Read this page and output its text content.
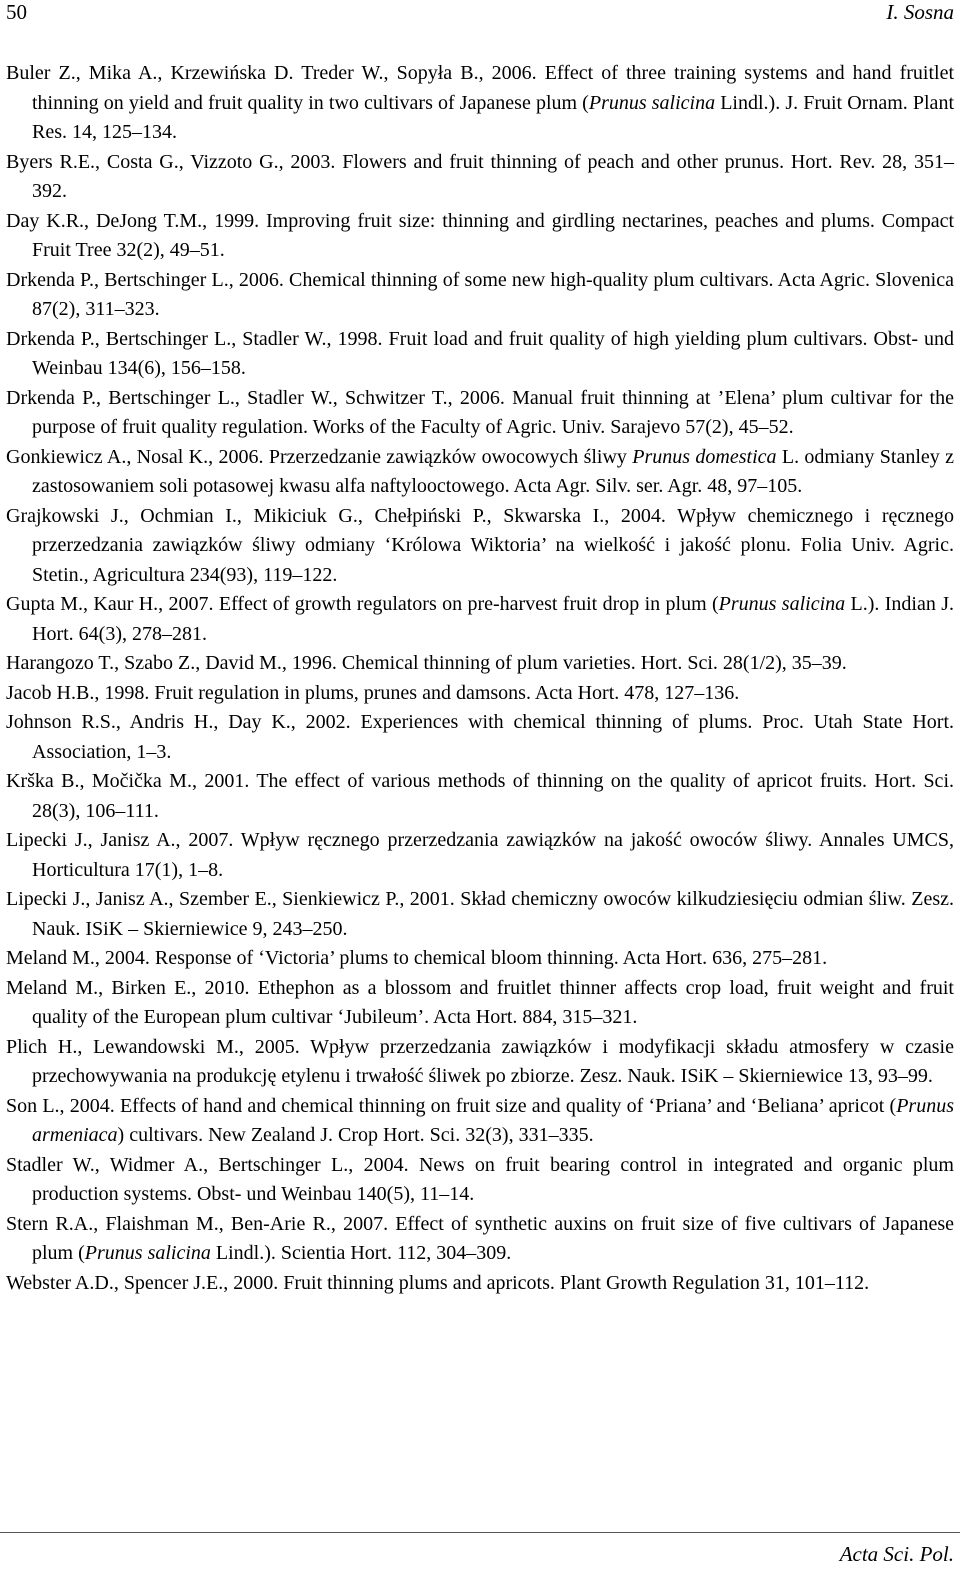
50	I. Sosna

Buler Z., Mika A., Krzewińska D. Treder W., Sopyła B., 2006. Effect of three training systems and hand fruitlet thinning on yield and fruit quality in two cultivars of Japanese plum (Prunus salicina Lindl.). J. Fruit Ornam. Plant Res. 14, 125–134.

Byers R.E., Costa G., Vizzoto G., 2003. Flowers and fruit thinning of peach and other prunus. Hort. Rev. 28, 351–392.

Day K.R., DeJong T.M., 1999. Improving fruit size: thinning and girdling nectarines, peaches and plums. Compact Fruit Tree 32(2), 49–51.

Drkenda P., Bertschinger L., 2006. Chemical thinning of some new high-quality plum cultivars. Acta Agric. Slovenica 87(2), 311–323.

Drkenda P., Bertschinger L., Stadler W., 1998. Fruit load and fruit quality of high yielding plum cultivars. Obst- und Weinbau 134(6), 156–158.

Drkenda P., Bertschinger L., Stadler W., Schwitzer T., 2006. Manual fruit thinning at ’Elena’ plum cultivar for the purpose of fruit quality regulation. Works of the Faculty of Agric. Univ. Sarajevo 57(2), 45–52.

Gonkiewicz A., Nosal K., 2006. Przerzedzanie zawiązków owocowych śliwy Prunus domestica L. odmiany Stanley z zastosowaniem soli potasowej kwasu alfa naftylooctowego. Acta Agr. Silv. ser. Agr. 48, 97–105.

Grajkowski J., Ochmian I., Mikiciuk G., Chełpiński P., Skwarska I., 2004. Wpływ chemicznego i ręcznego przerzedzania zawiązków śliwy odmiany ‘Królowa Wiktoria’ na wielkość i jakość plonu. Folia Univ. Agric. Stetin., Agricultura 234(93), 119–122.

Gupta M., Kaur H., 2007. Effect of growth regulators on pre-harvest fruit drop in plum (Prunus salicina L.). Indian J. Hort. 64(3), 278–281.

Harangozo T., Szabo Z., David M., 1996. Chemical thinning of plum varieties. Hort. Sci. 28(1/2), 35–39.

Jacob H.B., 1998. Fruit regulation in plums, prunes and damsons. Acta Hort. 478, 127–136.

Johnson R.S., Andris H., Day K., 2002. Experiences with chemical thinning of plums. Proc. Utah State Hort. Association, 1–3.

Krška B., Močička M., 2001. The effect of various methods of thinning on the quality of apricot fruits. Hort. Sci. 28(3), 106–111.

Lipecki J., Janisz A., 2007. Wpływ ręcznego przerzedzania zawiązków na jakość owoców śliwy. Annales UMCS, Horticultura 17(1), 1–8.

Lipecki J., Janisz A., Szember E., Sienkiewicz P., 2001. Skład chemiczny owoców kilkudziesięciu odmian śliw. Zesz. Nauk. ISiK – Skierniewice 9, 243–250.

Meland M., 2004. Response of ‘Victoria’ plums to chemical bloom thinning. Acta Hort. 636, 275–281.

Meland M., Birken E., 2010. Ethephon as a blossom and fruitlet thinner affects crop load, fruit weight and fruit quality of the European plum cultivar ‘Jubileum’. Acta Hort. 884, 315–321.

Plich H., Lewandowski M., 2005. Wpływ przerzedzania zawiązków i modyfikacji składu atmosfery w czasie przechowywania na produkcję etylenu i trwałość śliwek po zbiorze. Zesz. Nauk. ISiK – Skierniewice 13, 93–99.

Son L., 2004. Effects of hand and chemical thinning on fruit size and quality of ‘Priana’ and ‘Beliana’ apricot (Prunus armeniaca) cultivars. New Zealand J. Crop Hort. Sci. 32(3), 331–335.

Stadler W., Widmer A., Bertschinger L., 2004. News on fruit bearing control in integrated and organic plum production systems. Obst- und Weinbau 140(5), 11–14.

Stern R.A., Flaishman M., Ben-Arie R., 2007. Effect of synthetic auxins on fruit size of five cultivars of Japanese plum (Prunus salicina Lindl.). Scientia Hort. 112, 304–309.

Webster A.D., Spencer J.E., 2000. Fruit thinning plums and apricots. Plant Growth Regulation 31, 101–112.

Acta Sci. Pol.
